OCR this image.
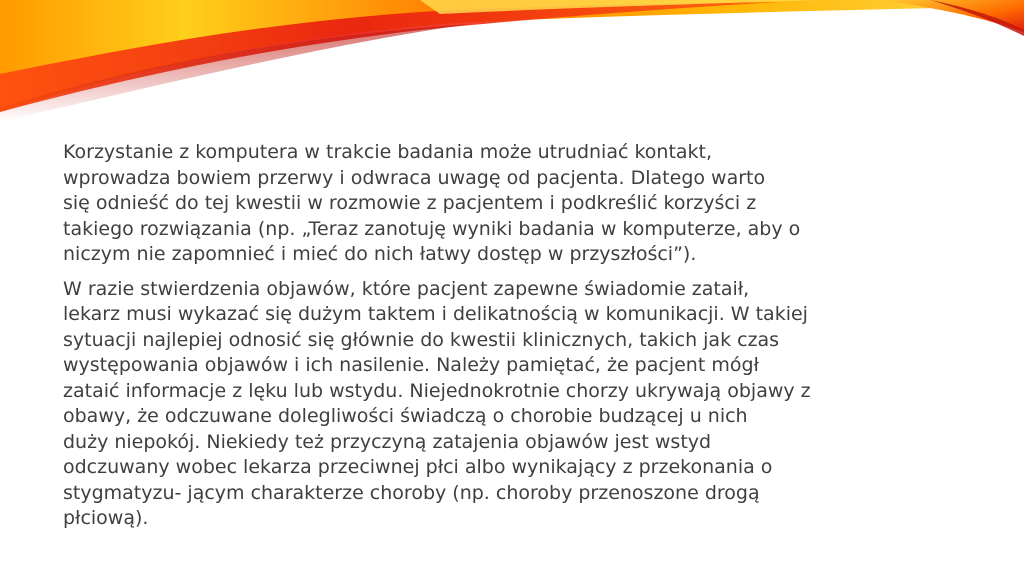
Korzystanie z komputera w trakcie badania może utrudniać kontakt,
wprowadza bowiem przerwy i odwraca uwagę od pacjenta. Dlatego warto
się odnieść do tej kwestii w rozmowie z pacjentem i podkreślić korzyści z
takiego rozwiązania (np. „Teraz zanotuję wyniki badania w komputerze, aby o
niczym nie zapomnieć i mieć do nich łatwy dostęp w przyszłości”).

W razie stwierdzenia objawów, które pacjent zapewne świadomie zataił,
lekarz musi wykazać się dużym taktem i delikatnością w komunikacji. W takiej
sytuacji najlepiej odnosić się głównie do kwestii klinicznych, takich jak czas
występowania objawów i ich nasilenie. Należy pamiętać, że pacjent mógł
zataić informacje z lęku lub wstydu. Niejednokrotnie chorzy ukrywają objawy z
obawy, że odczuwane dolegliwości świadczą o chorobie budzącej u nich
duży niepokój. Niekiedy też przyczyną zatajenia objawów jest wstyd
odczuwany wobec lekarza przeciwnej płci albo wynikający z przekonania o
stygmatyzu- jącym charakterze choroby (np. choroby przenoszone drogą
płciową).
